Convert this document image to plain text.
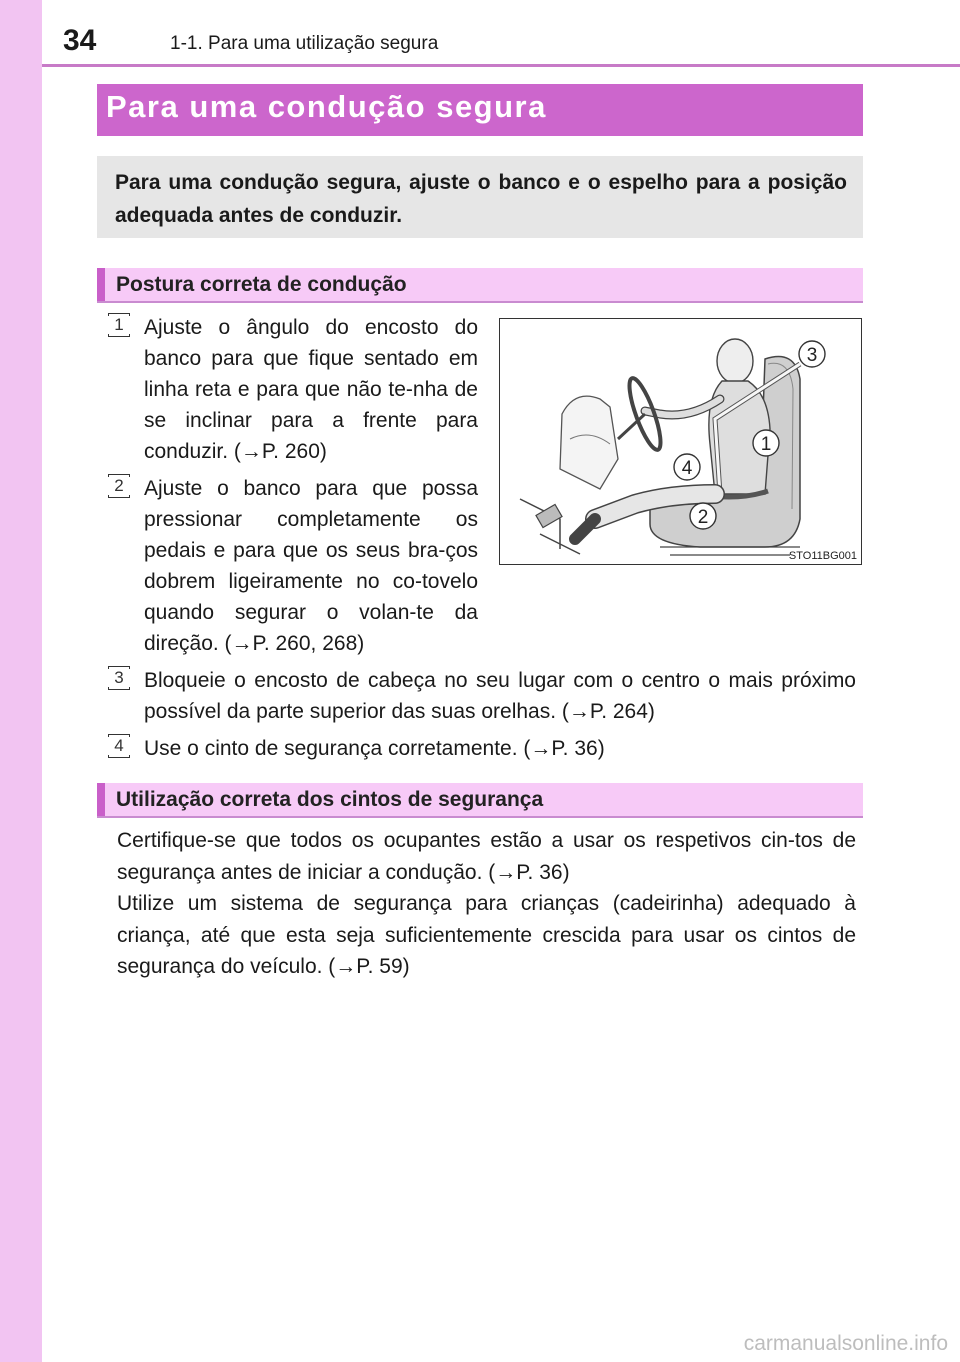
34	1-1. Para uma utilização segura
Para uma condução segura
Para uma condução segura, ajuste o banco e o espelho para a posição adequada antes de conduzir.
Postura correta de condução
1 Ajuste o ângulo do encosto do banco para que fique sentado em linha reta e para que não te-nha de se inclinar para a frente para conduzir. (→P. 260)
2 Ajuste o banco para que possa pressionar completamente os pedais e para que os seus bra-ços dobrem ligeiramente no co-tovelo quando segurar o volan-te da direção. (→P. 260, 268)
3 Bloqueie o encosto de cabeça no seu lugar com o centro o mais próximo possível da parte superior das suas orelhas. (→P. 264)
4 Use o cinto de segurança corretamente. (→P. 36)
3
1
4
2
STO11BG001
Utilização correta dos cintos de segurança
Certifique-se que todos os ocupantes estão a usar os respetivos cin-tos de segurança antes de iniciar a condução. (→P. 36)
Utilize um sistema de segurança para crianças (cadeirinha) adequado à criança, até que esta seja suficientemente crescida para usar os cintos de segurança do veículo. (→P. 59)
carmanualsonline.info
